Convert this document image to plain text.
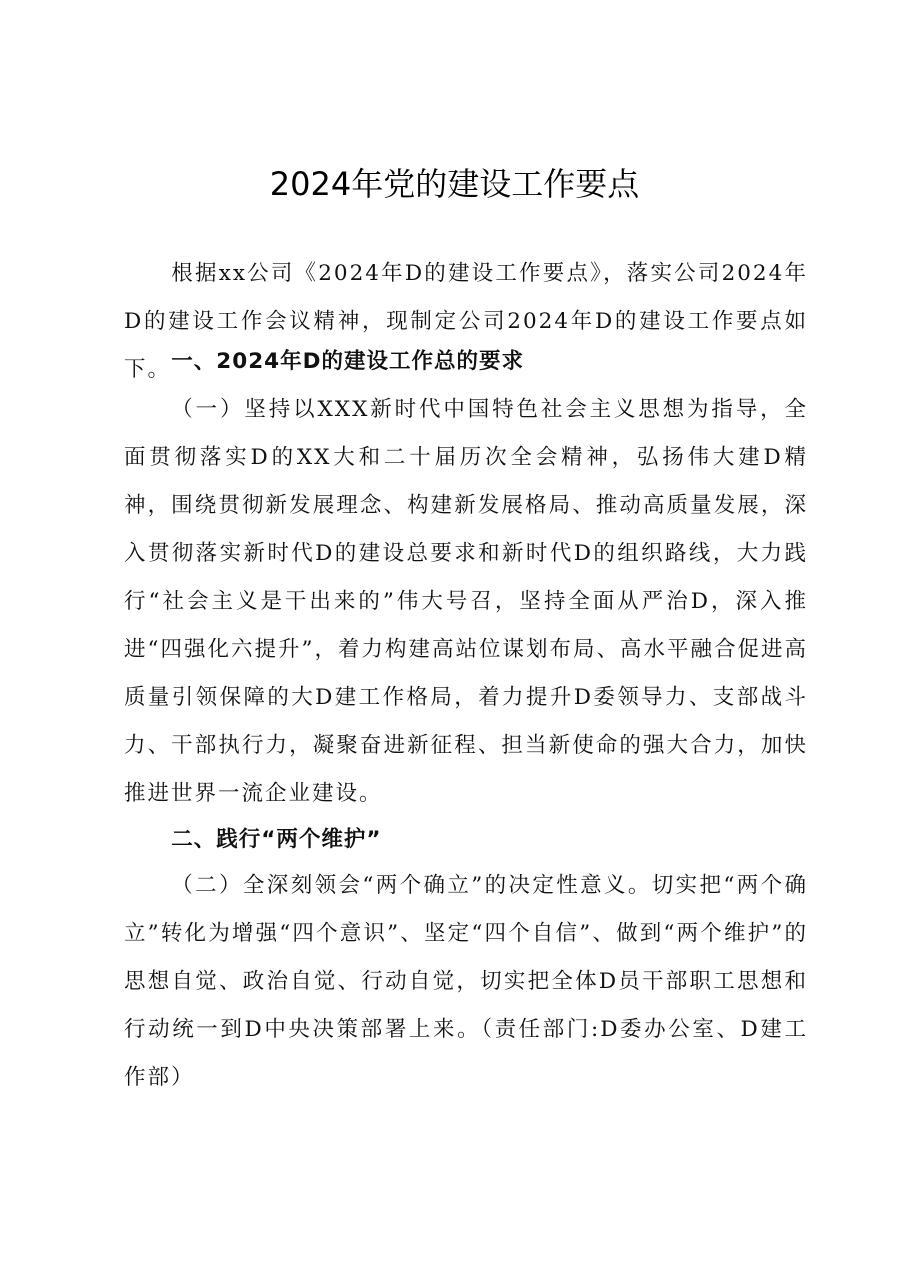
2024年党的建设工作要点

根据xx公司《2024年D的建设工作要点》，落实公司2024年D的建设工作会议精神，现制定公司2024年D的建设工作要点如下。 一、2024年D的建设工作总的要求

（一）坚持以XXX新时代中国特色社会主义思想为指导，全面贯彻落实D的XX大和二十届历次全会精神，弘扬伟大建D精神，围绕贯彻新发展理念、构建新发展格局、推动高质量发展，深入贯彻落实新时代D的建设总要求和新时代D的组织路线，大力践行“社会主义是干出来的”伟大号召，坚持全面从严治D，深入推进“四强化六提升”，着力构建高站位谋划布局、高水平融合促进高质量引领保障的大D建工作格局，着力提升D委领导力、支部战斗力、干部执行力，凝聚奋进新征程、担当新使命的强大合力，加快推进世界一流企业建设。

二、践行“两个维护”

（二）全深刻领会“两个确立”的决定性意义。切实把“两个确立”转化为增强“四个意识”、坚定“四个自信”、做到“两个维护”的思想自觉、政治自觉、行动自觉，切实把全体D员干部职工思想和行动统一到D中央决策部署上来。（责任部门:D委办公室、D建工作部）
